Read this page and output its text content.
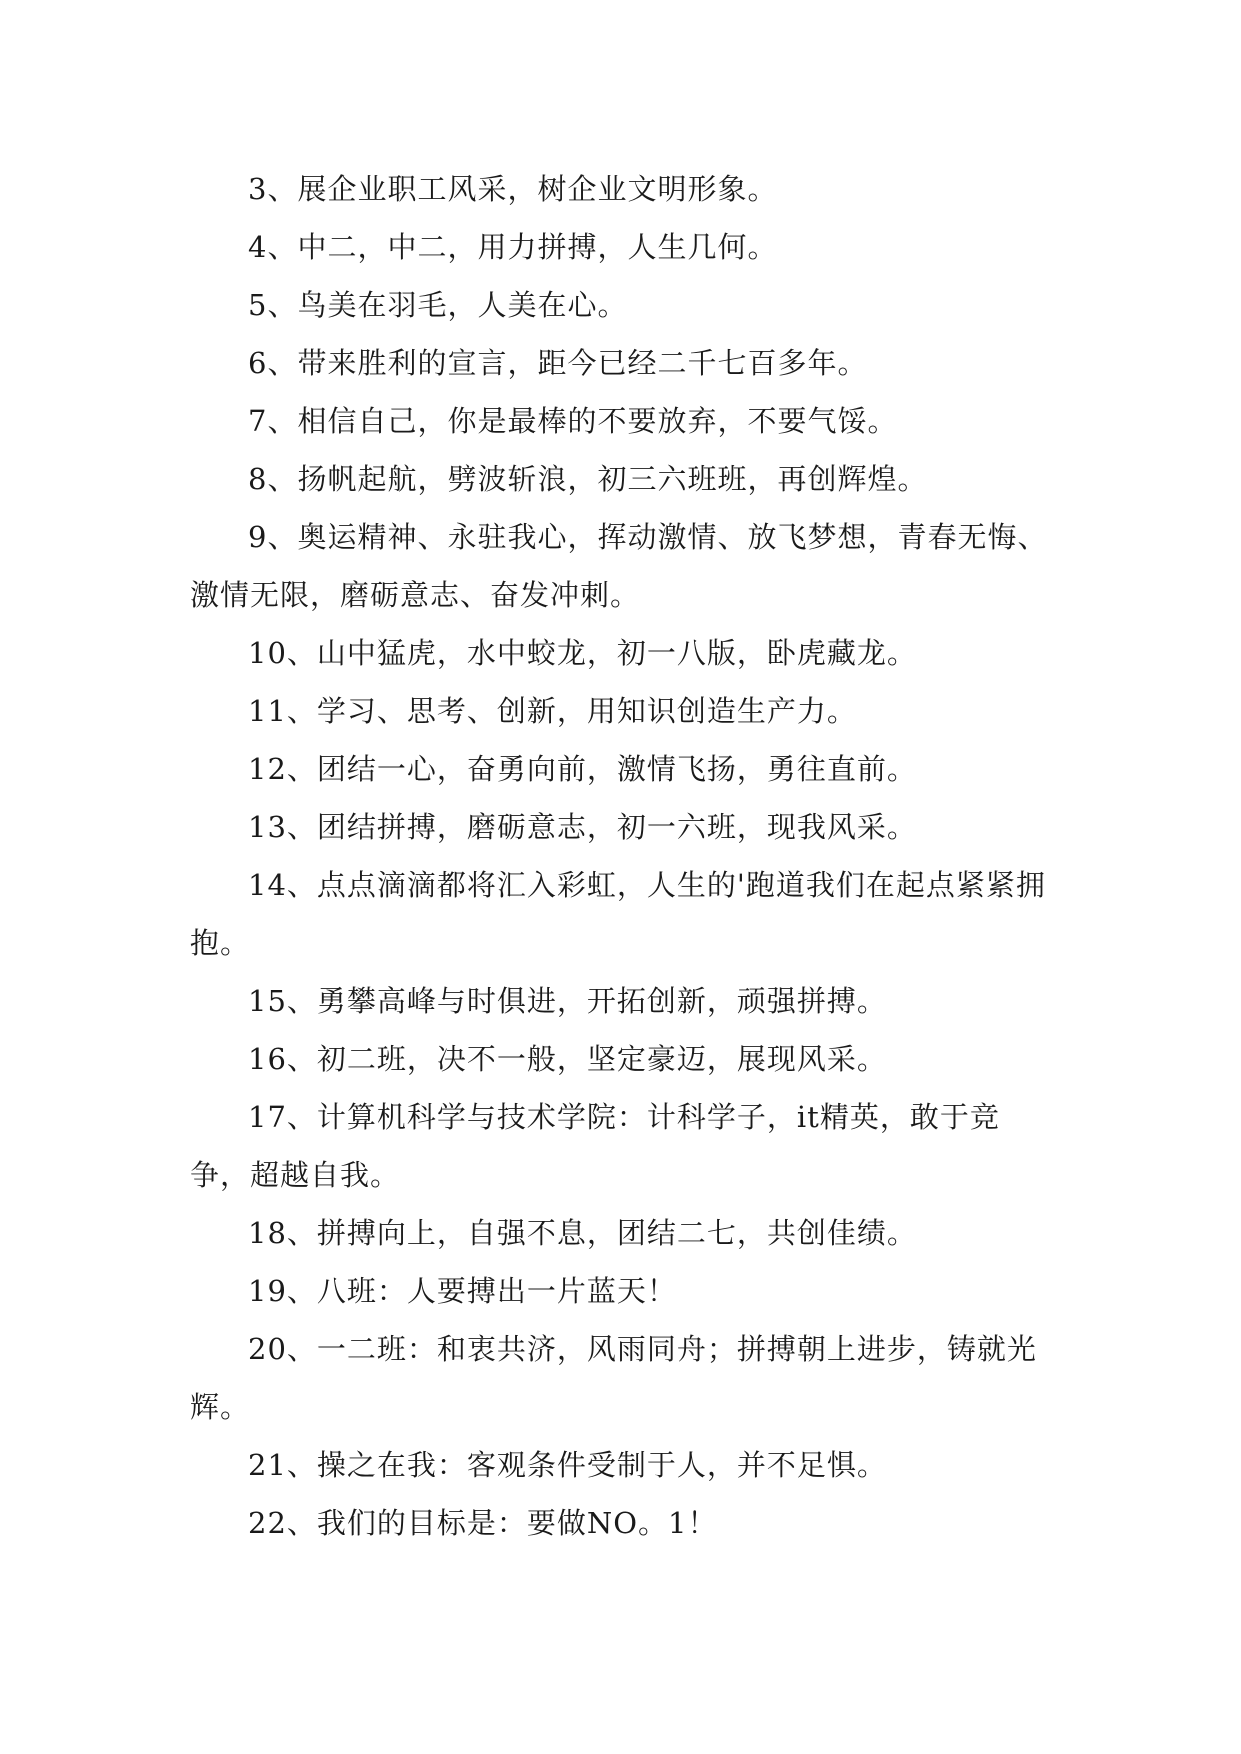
3、展企业职工风采，树企业文明形象。

4、中二，中二，用力拼搏，人生几何。

5、鸟美在羽毛，人美在心。

6、带来胜利的宣言，距今已经二千七百多年。

7、相信自己，你是最棒的不要放弃，不要气馁。

8、扬帆起航，劈波斩浪，初三六班班，再创辉煌。

9、奥运精神、永驻我心，挥动激情、放飞梦想，青春无悔、激情无限，磨砺意志、奋发冲刺。

10、山中猛虎，水中蛟龙，初一八版，卧虎藏龙。

11、学习、思考、创新，用知识创造生产力。

12、团结一心，奋勇向前，激情飞扬，勇往直前。

13、团结拼搏，磨砺意志，初一六班，现我风采。

14、点点滴滴都将汇入彩虹，人生的'跑道我们在起点紧紧拥抱。

15、勇攀高峰与时俱进，开拓创新，顽强拼搏。

16、初二班，决不一般，坚定豪迈，展现风采。

17、计算机科学与技术学院：计科学子，it精英，敢于竞争，超越自我。

18、拼搏向上，自强不息，团结二七，共创佳绩。

19、八班：人要搏出一片蓝天！

20、一二班：和衷共济，风雨同舟；拼搏朝上进步，铸就光辉。

21、操之在我：客观条件受制于人，并不足惧。

22、我们的目标是：要做NO。1！
